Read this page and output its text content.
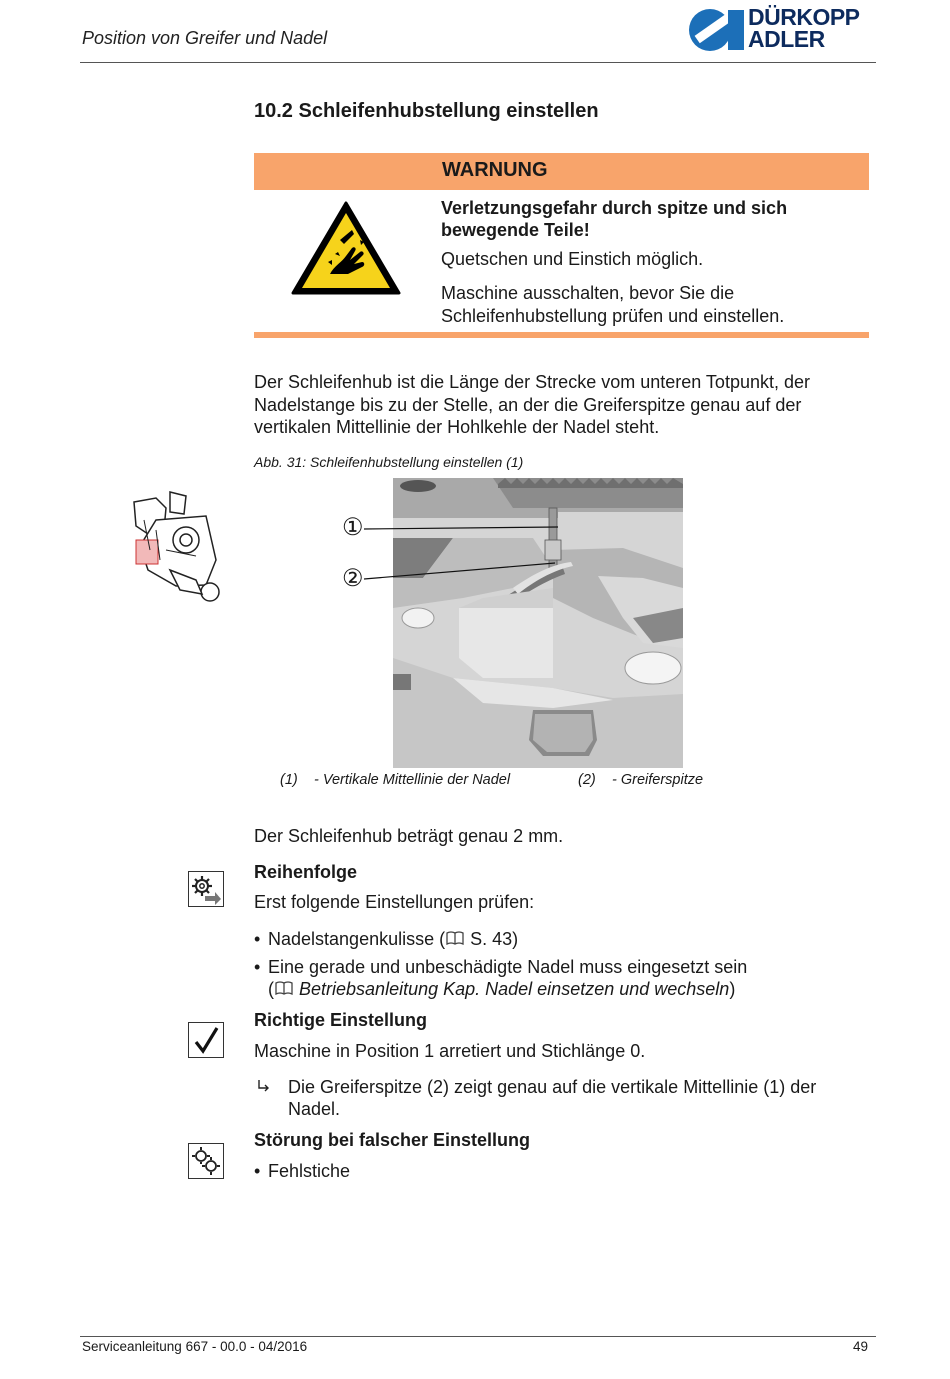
Position von Greifer und Nadel
DÜRKOPP
ADLER
10.2 Schleifenhubstellung einstellen
WARNUNG
Verletzungsgefahr durch spitze und sich bewegende Teile!
Quetschen und Einstich möglich.
Maschine ausschalten, bevor Sie die Schleifenhubstellung prüfen und einstellen.
Der Schleifenhub ist die Länge der Strecke vom unteren Totpunkt, der Nadelstange bis zu der Stelle, an der die Greiferspitze genau auf der vertikalen Mittellinie der Hohlkehle der Nadel steht.
Abb. 31: Schleifenhubstellung einstellen (1)
①
②
(1) - Vertikale Mittellinie der Nadel	(2) - Greiferspitze
Der Schleifenhub beträgt genau 2 mm.
Reihenfolge
Erst folgende Einstellungen prüfen:
• Nadelstangenkulisse ( S. 43)
• Eine gerade und unbeschädigte Nadel muss eingesetzt sein
( Betriebsanleitung Kap. Nadel einsetzen und wechseln)
Richtige Einstellung
Maschine in Position 1 arretiert und Stichlänge 0.
Die Greiferspitze (2) zeigt genau auf die vertikale Mittellinie (1) der Nadel.
Störung bei falscher Einstellung
• Fehlstiche
Serviceanleitung 667 - 00.0 - 04/2016	49
